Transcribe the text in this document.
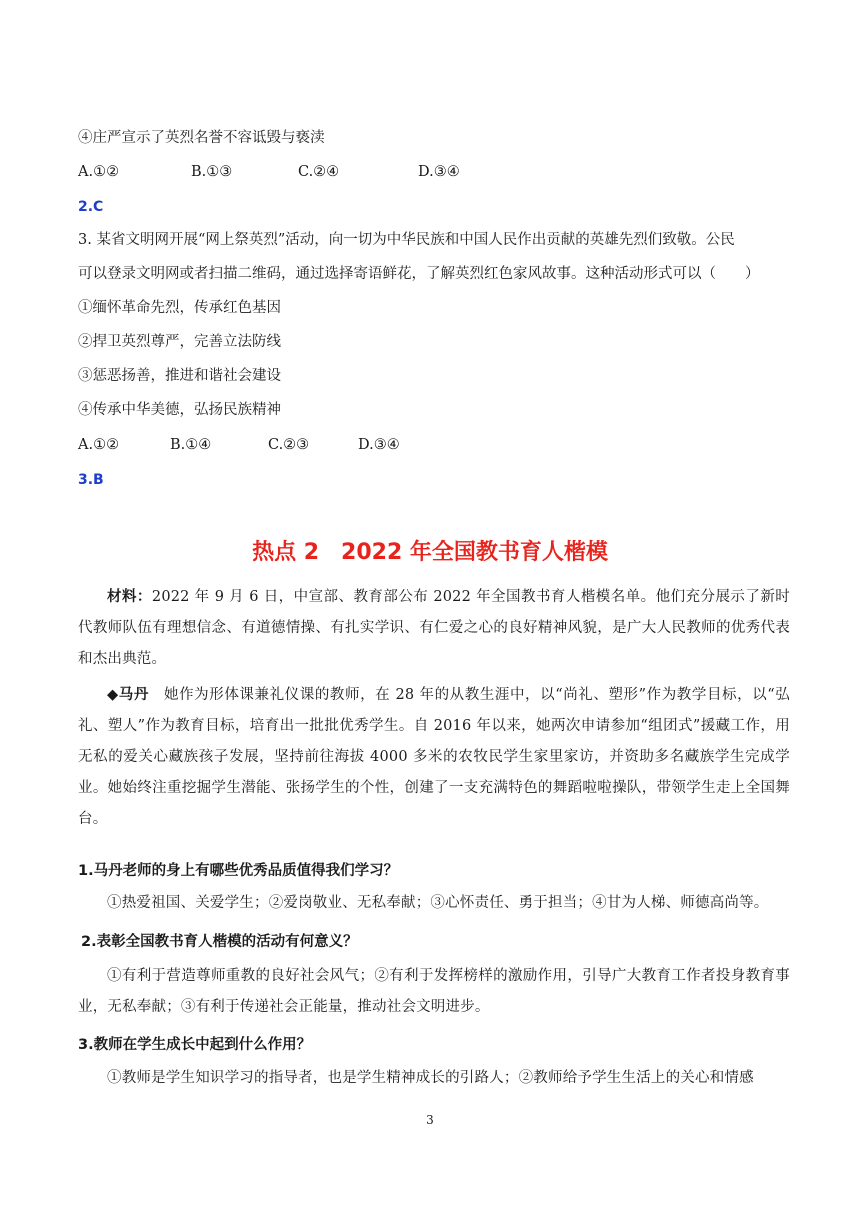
④庄严宣示了英烈名誉不容诋毁与亵渎
A.①②	B.①③	C.②④	D.③④
2.C
3. 某省文明网开展“网上祭英烈”活动，向一切为中华民族和中国人民作出贡献的英雄先烈们致敬。公民
可以登录文明网或者扫描二维码，通过选择寄语鲜花，了解英烈红色家风故事。这种活动形式可以（　　）
①缅怀革命先烈，传承红色基因
②捍卫英烈尊严，完善立法防线
③惩恶扬善，推进和谐社会建设
④传承中华美德，弘扬民族精神
A.①②	B.①④	C.②③	D.③④
3.B
热点 2　2022 年全国教书育人楷模
材料：2022 年 9 月 6 日，中宣部、教育部公布 2022 年全国教书育人楷模名单。他们充分展示了新时代教师队伍有理想信念、有道德情操、有扎实学识、有仁爱之心的良好精神风貌，是广大人民教师的优秀代表和杰出典范。
◆马丹　 她作为形体课兼礼仪课的教师，在 28 年的从教生涯中，以“尚礼、塑形”作为教学目标，以“弘礼、塑人”作为教育目标，培育出一批批优秀学生。自 2016 年以来，她两次申请参加“组团式”援藏工作，用无私的爱关心藏族孩子发展，坚持前往海拔 4000 多米的农牧民学生家里家访，并资助多名藏族学生完成学业。她始终注重挖掘学生潜能、张扬学生的个性，创建了一支充满特色的舞蹈啦啦操队，带领学生走上全国舞台。
1.马丹老师的身上有哪些优秀品质值得我们学习？
①热爱祖国、关爱学生；②爱岗敬业、无私奉献；③心怀责任、勇于担当；④甘为人梯、师德高尚等。
2.表彰全国教书育人楷模的活动有何意义？
①有利于营造尊师重教的良好社会风气；②有利于发挥榜样的激励作用，引导广大教育工作者投身教育事业，无私奉献；③有利于传递社会正能量，推动社会文明进步。
3.教师在学生成长中起到什么作用？
①教师是学生知识学习的指导者，也是学生精神成长的引路人；②教师给予学生生活上的关心和情感
3
